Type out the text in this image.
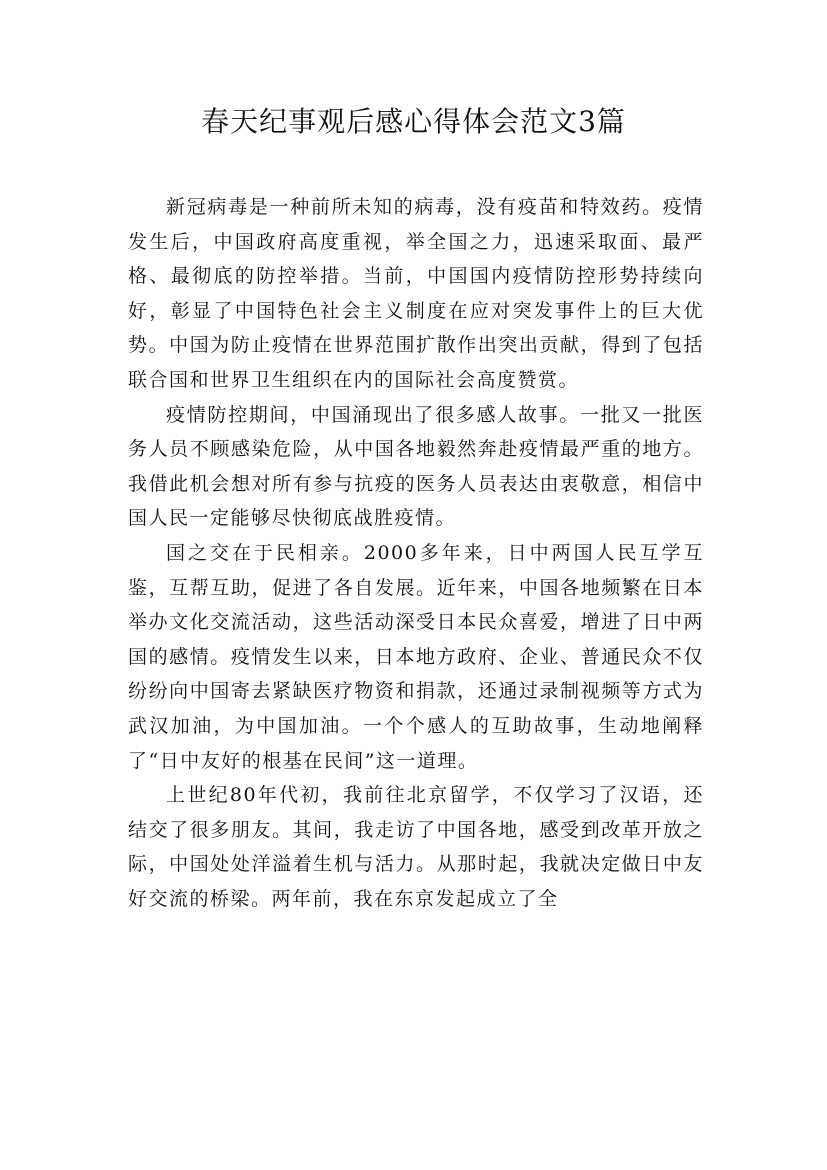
春天纪事观后感心得体会范文3篇

新冠病毒是一种前所未知的病毒，没有疫苗和特效药。疫情发生后，中国政府高度重视，举全国之力，迅速采取面、最严格、最彻底的防控举措。当前，中国国内疫情防控形势持续向好，彰显了中国特色社会主义制度在应对突发事件上的巨大优势。中国为防止疫情在世界范围扩散作出突出贡献，得到了包括联合国和世界卫生组织在内的国际社会高度赞赏。

疫情防控期间，中国涌现出了很多感人故事。一批又一批医务人员不顾感染危险，从中国各地毅然奔赴疫情最严重的地方。我借此机会想对所有参与抗疫的医务人员表达由衷敬意，相信中国人民一定能够尽快彻底战胜疫情。

国之交在于民相亲。2000多年来，日中两国人民互学互鉴，互帮互助，促进了各自发展。近年来，中国各地频繁在日本举办文化交流活动，这些活动深受日本民众喜爱，增进了日中两国的感情。疫情发生以来，日本地方政府、企业、普通民众不仅纷纷向中国寄去紧缺医疗物资和捐款，还通过录制视频等方式为武汉加油，为中国加油。一个个感人的互助故事，生动地阐释了“日中友好的根基在民间”这一道理。

上世纪80年代初，我前往北京留学，不仅学习了汉语，还结交了很多朋友。其间，我走访了中国各地，感受到改革开放之际，中国处处洋溢着生机与活力。从那时起，我就决定做日中友好交流的桥梁。两年前，我在东京发起成立了全
